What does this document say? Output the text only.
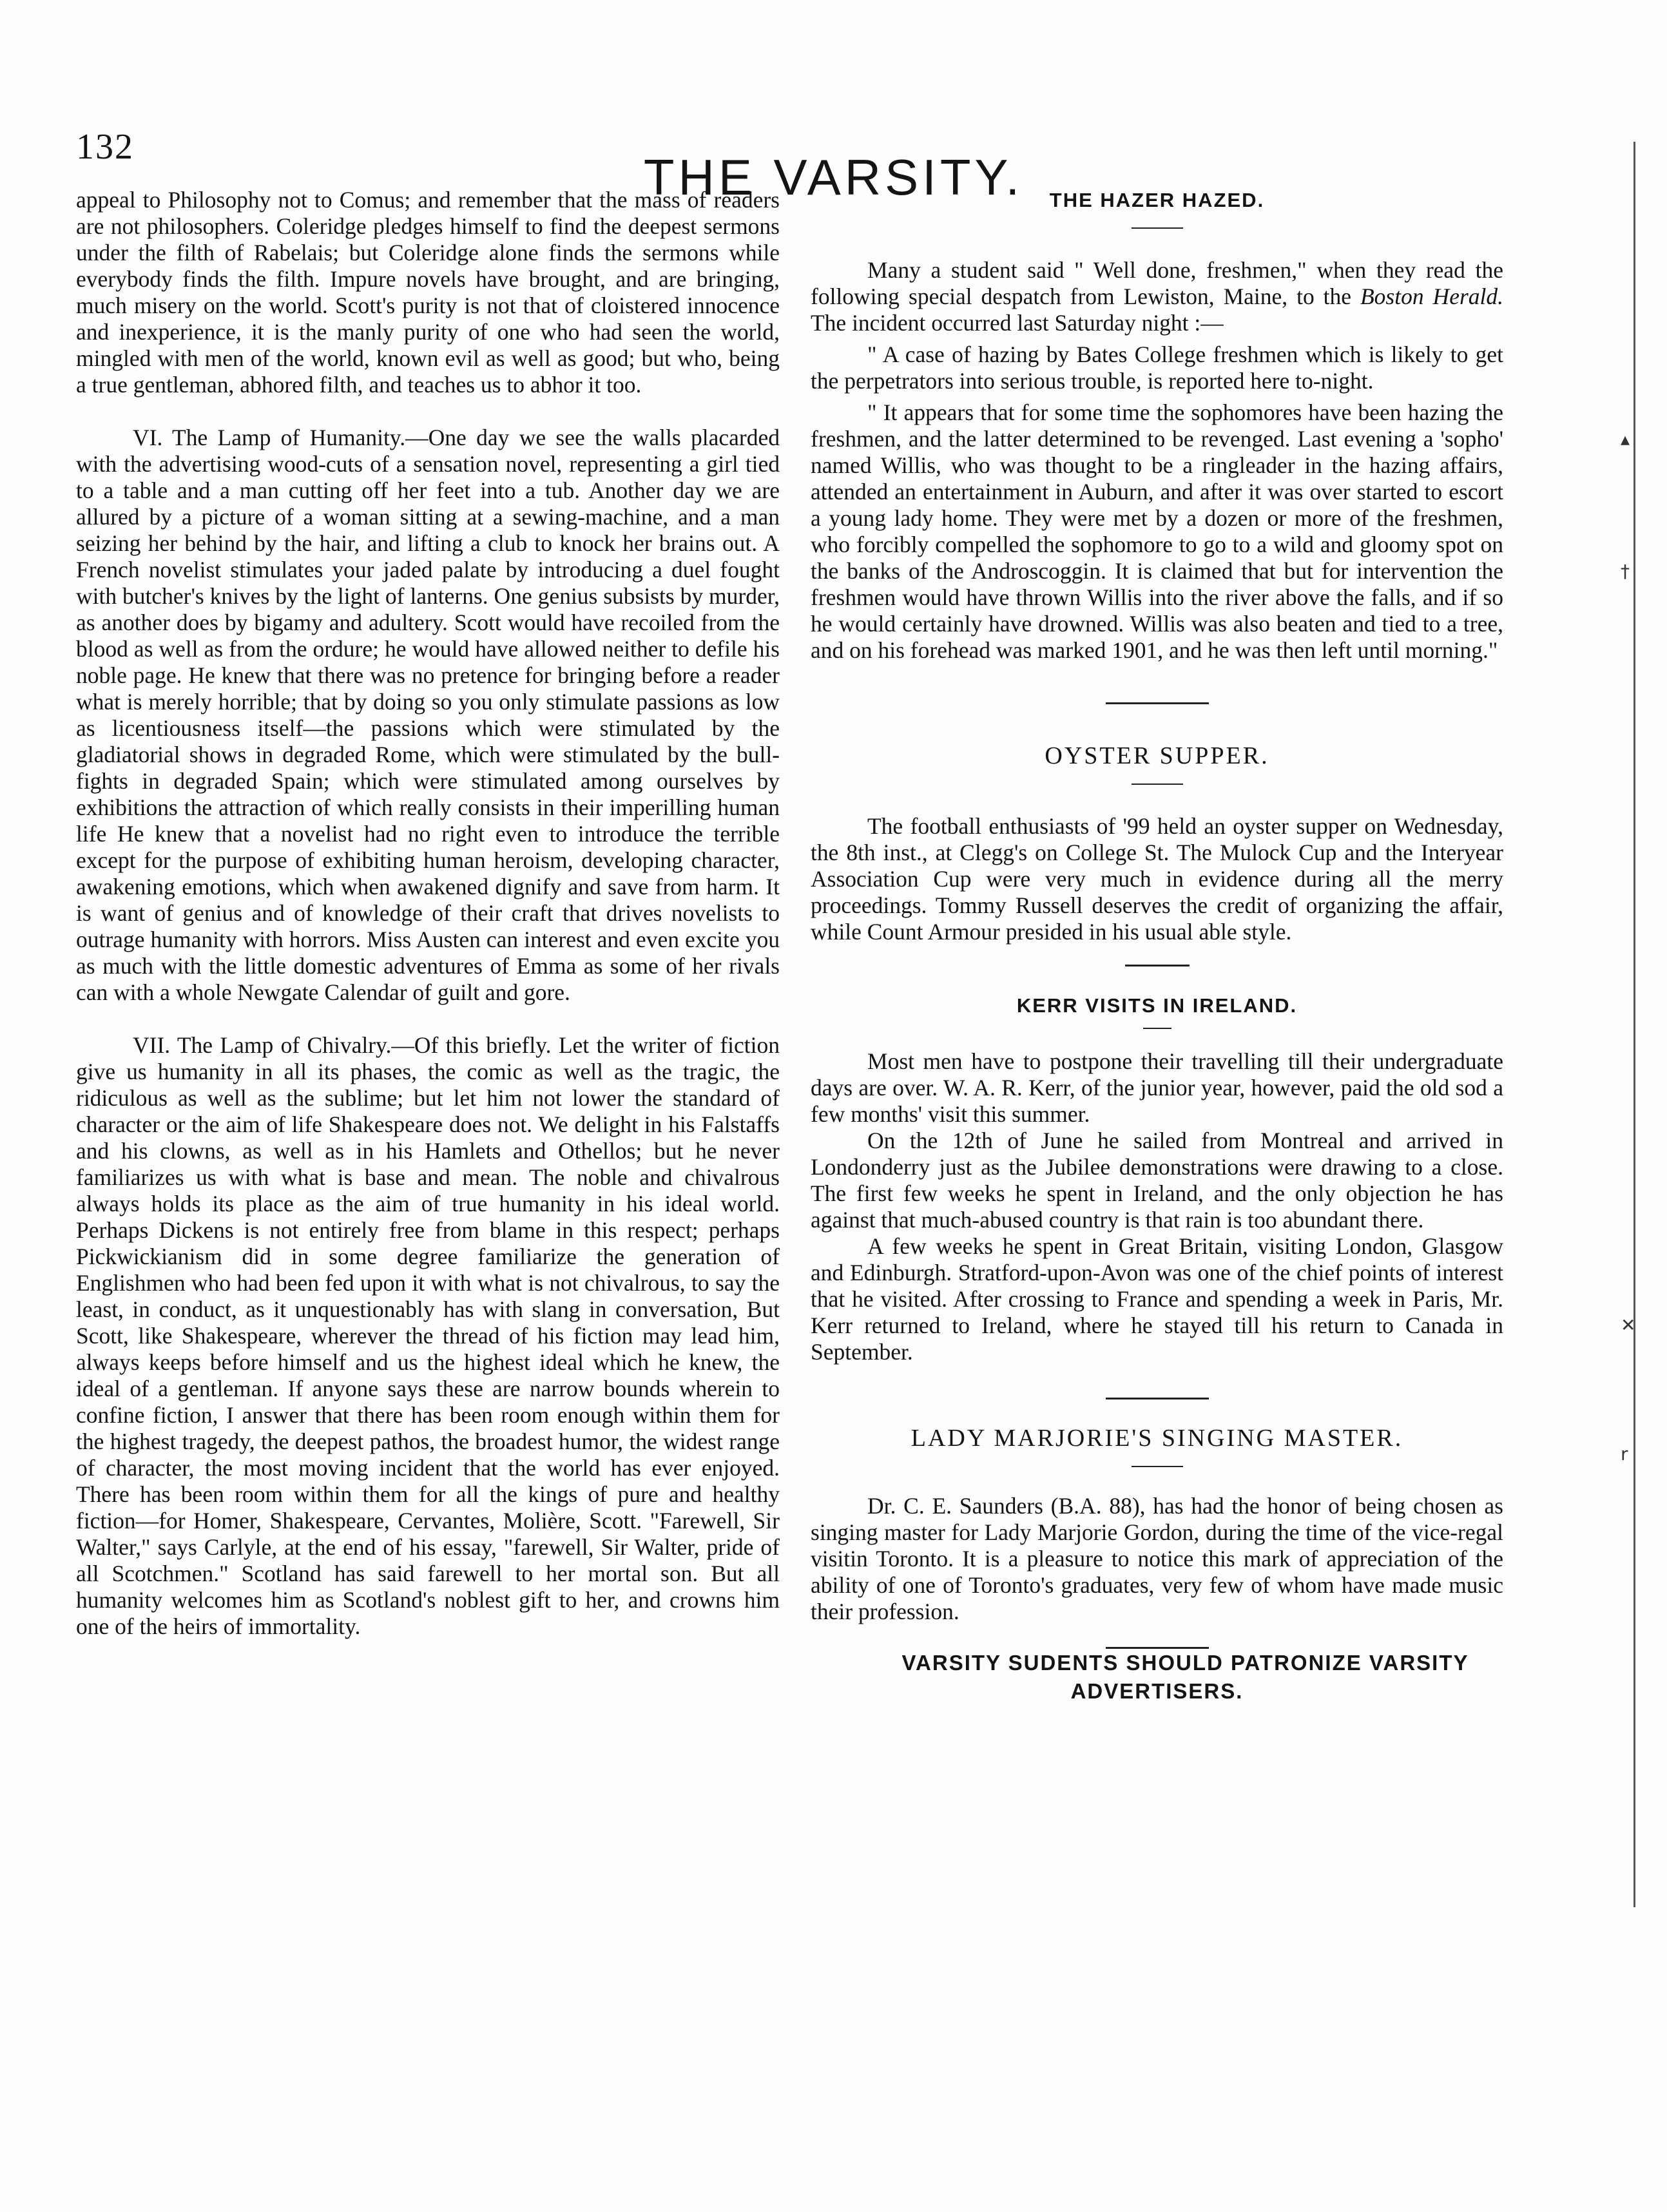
132
THE VARSITY.

appeal to Philosophy not to Comus; and remember that the mass of readers are not philosophers. Coleridge pledges himself to find the deepest sermons under the filth of Rabelais; but Coleridge alone finds the sermons while everybody finds the filth. Impure novels have brought, and are bringing, much misery on the world. Scott's purity is not that of cloistered innocence and inexperience, it is the manly purity of one who had seen the world, mingled with men of the world, known evil as well as good; but who, being a true gentleman, abhored filth, and teaches us to abhor it too.

VI. The Lamp of Humanity.—One day we see the walls placarded with the advertising wood-cuts of a sensation novel, representing a girl tied to a table and a man cutting off her feet into a tub. Another day we are allured by a picture of a woman sitting at a sewing-machine, and a man seizing her behind by the hair, and lifting a club to knock her brains out. A French novelist stimulates your jaded palate by introducing a duel fought with butcher's knives by the light of lanterns. One genius subsists by murder, as another does by bigamy and adultery. Scott would have recoiled from the blood as well as from the ordure; he would have allowed neither to defile his noble page. He knew that there was no pretence for bringing before a reader what is merely horrible; that by doing so you only stimulate passions as low as licentiousness itself—the passions which were stimulated by the gladiatorial shows in degraded Rome, which were stimulated by the bull-fights in degraded Spain; which were stimulated among ourselves by exhibitions the attraction of which really consists in their imperilling human life He knew that a novelist had no right even to introduce the terrible except for the purpose of exhibiting human heroism, developing character, awakening emotions, which when awakened dignify and save from harm. It is want of genius and of knowledge of their craft that drives novelists to outrage humanity with horrors. Miss Austen can interest and even excite you as much with the little domestic adventures of Emma as some of her rivals can with a whole Newgate Calendar of guilt and gore.

VII. The Lamp of Chivalry.—Of this briefly. Let the writer of fiction give us humanity in all its phases, the comic as well as the tragic, the ridiculous as well as the sublime; but let him not lower the standard of character or the aim of life Shakespeare does not. We delight in his Falstaffs and his clowns, as well as in his Hamlets and Othellos; but he never familiarizes us with what is base and mean. The noble and chivalrous always holds its place as the aim of true humanity in his ideal world. Perhaps Dickens is not entirely free from blame in this respect; perhaps Pickwickianism did in some degree familiarize the generation of Englishmen who had been fed upon it with what is not chivalrous, to say the least, in conduct, as it unquestionably has with slang in conversation, But Scott, like Shakespeare, wherever the thread of his fiction may lead him, always keeps before himself and us the highest ideal which he knew, the ideal of a gentleman. If anyone says these are narrow bounds wherein to confine fiction, I answer that there has been room enough within them for the highest tragedy, the deepest pathos, the broadest humor, the widest range of character, the most moving incident that the world has ever enjoyed. There has been room within them for all the kings of pure and healthy fiction—for Homer, Shakespeare, Cervantes, Molière, Scott. "Farewell, Sir Walter," says Carlyle, at the end of his essay, "farewell, Sir Walter, pride of all Scotchmen." Scotland has said farewell to her mortal son. But all humanity welcomes him as Scotland's noblest gift to her, and crowns him one of the heirs of immortality.

THE HAZER HAZED.

Many a student said " Well done, freshmen," when they read the following special despatch from Lewiston, Maine, to the Boston Herald. The incident occurred last Saturday night :—

" A case of hazing by Bates College freshmen which is likely to get the perpetrators into serious trouble, is reported here to-night.

" It appears that for some time the sophomores have been hazing the freshmen, and the latter determined to be revenged. Last evening a 'sopho' named Willis, who was thought to be a ringleader in the hazing affairs, attended an entertainment in Auburn, and after it was over started to escort a young lady home. They were met by a dozen or more of the freshmen, who forcibly compelled the sophomore to go to a wild and gloomy spot on the banks of the Androscoggin. It is claimed that but for intervention the freshmen would have thrown Willis into the river above the falls, and if so he would certainly have drowned. Willis was also beaten and tied to a tree, and on his forehead was marked 1901, and he was then left until morning."

OYSTER SUPPER.

The football enthusiasts of '99 held an oyster supper on Wednesday, the 8th inst., at Clegg's on College St. The Mulock Cup and the Interyear Association Cup were very much in evidence during all the merry proceedings. Tommy Russell deserves the credit of organizing the affair, while Count Armour presided in his usual able style.

KERR VISITS IN IRELAND.

Most men have to postpone their travelling till their undergraduate days are over. W. A. R. Kerr, of the junior year, however, paid the old sod a few months' visit this summer.

On the 12th of June he sailed from Montreal and arrived in Londonderry just as the Jubilee demonstrations were drawing to a close. The first few weeks he spent in Ireland, and the only objection he has against that much-abused country is that rain is too abundant there.

A few weeks he spent in Great Britain, visiting London, Glasgow and Edinburgh. Stratford-upon-Avon was one of the chief points of interest that he visited. After crossing to France and spending a week in Paris, Mr. Kerr returned to Ireland, where he stayed till his return to Canada in September.

LADY MARJORIE'S SINGING MASTER.

Dr. C. E. Saunders (B.A. 88), has had the honor of being chosen as singing master for Lady Marjorie Gordon, during the time of the vice-regal visitin Toronto. It is a pleasure to notice this mark of appreciation of the ability of one of Toronto's graduates, very few of whom have made music their profession.

VARSITY SUDENTS SHOULD PATRONIZE VARSITY ADVERTISERS.

▴
†
✕
r
